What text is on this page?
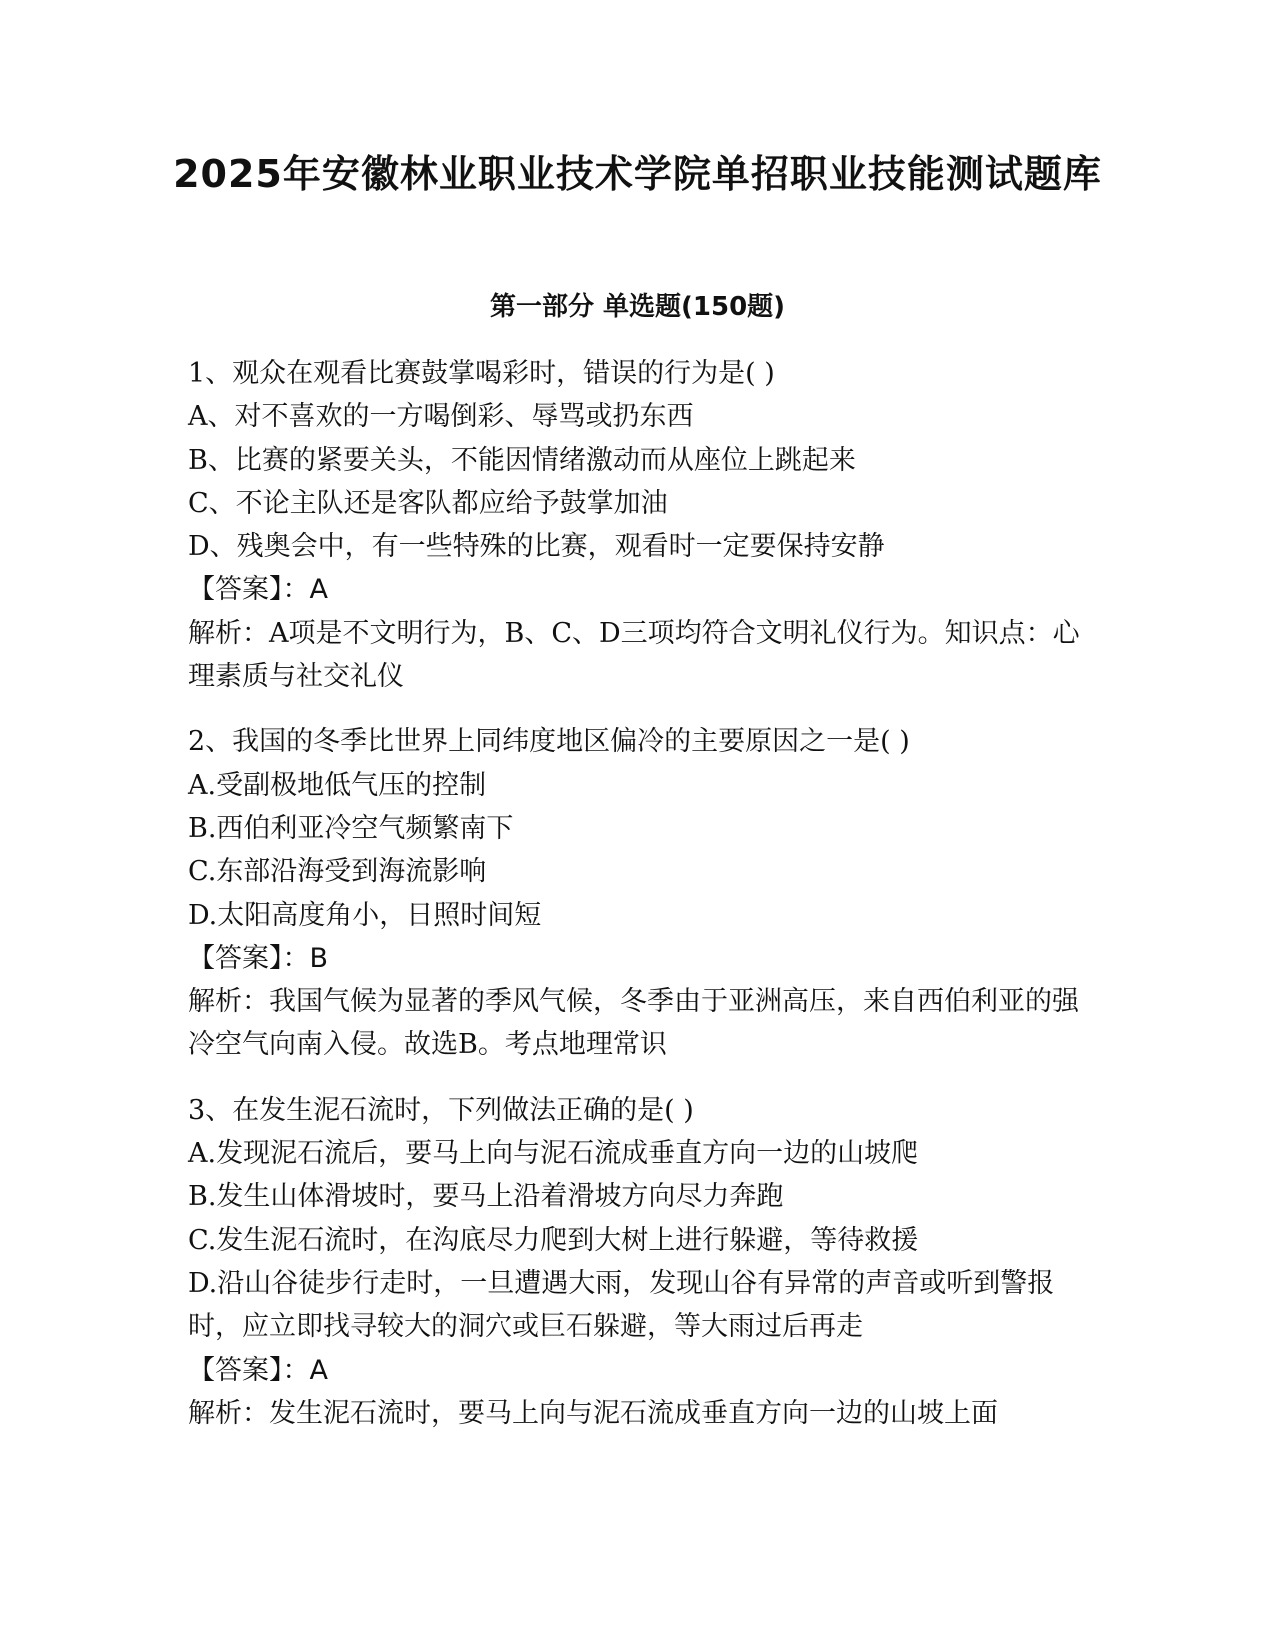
2025年安徽林业职业技术学院单招职业技能测试题库
第一部分 单选题(150题)
1、观众在观看比赛鼓掌喝彩时，错误的行为是( )
A、对不喜欢的一方喝倒彩、辱骂或扔东西
B、比赛的紧要关头，不能因情绪激动而从座位上跳起来
C、不论主队还是客队都应给予鼓掌加油
D、残奥会中，有一些特殊的比赛，观看时一定要保持安静
【答案】：A
解析：A项是不文明行为，B、C、D三项均符合文明礼仪行为。知识点：心理素质与社交礼仪
2、我国的冬季比世界上同纬度地区偏冷的主要原因之一是( )
A.受副极地低气压的控制
B.西伯利亚冷空气频繁南下
C.东部沿海受到海流影响
D.太阳高度角小，日照时间短
【答案】：B
解析：我国气候为显著的季风气候，冬季由于亚洲高压，来自西伯利亚的强冷空气向南入侵。故选B。考点地理常识
3、在发生泥石流时，下列做法正确的是( )
A.发现泥石流后，要马上向与泥石流成垂直方向一边的山坡爬
B.发生山体滑坡时，要马上沿着滑坡方向尽力奔跑
C.发生泥石流时，在沟底尽力爬到大树上进行躲避，等待救援
D.沿山谷徒步行走时，一旦遭遇大雨，发现山谷有异常的声音或听到警报时，应立即找寻较大的洞穴或巨石躲避，等大雨过后再走
【答案】：A
解析：发生泥石流时，要马上向与泥石流成垂直方向一边的山坡上面
